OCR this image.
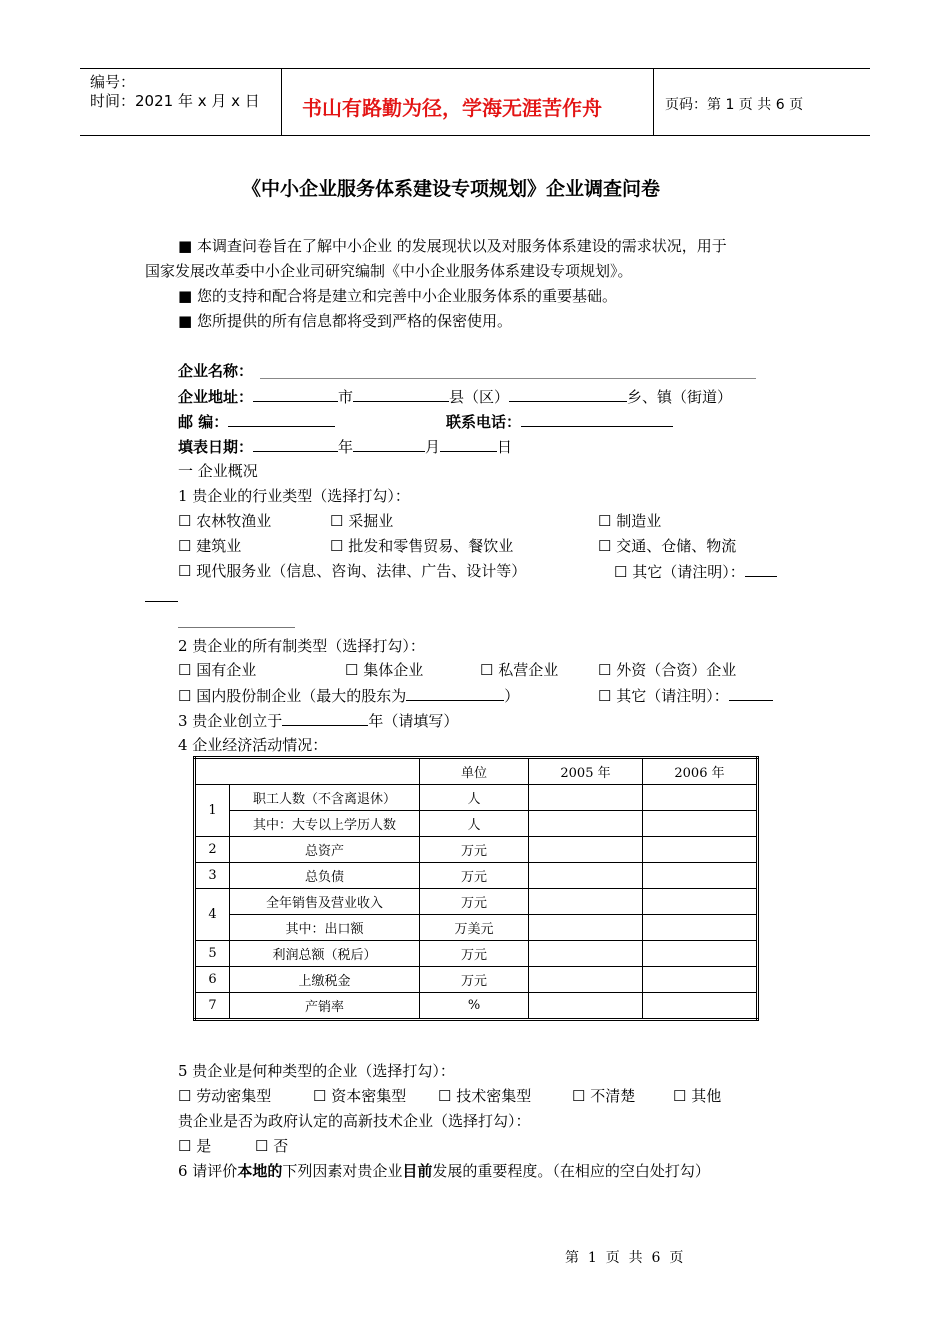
编号：
时间：2021 年 x 月 x 日 书山有路勤为径，学海无涯苦作舟	页码：第 1 页 共 6 页
《中小企业服务体系建设专项规划》企业调查问卷
■ 本调查问卷旨在了解中小企业 的发展现状以及对服务体系建设的需求状况，用于
国家发展改革委中小企业司研究编制《中小企业服务体系建设专项规划》。
■ 您的支持和配合将是建立和完善中小企业服务体系的重要基础。
■ 您所提供的所有信息都将受到严格的保密使用。
企业名称：
企业地址：	市	县（区）	乡、镇（街道）
邮 编：	联系电话：
填表日期：	年	月	日
一 企业概况
1 贵企业的行业类型（选择打勾）：
☐ 农林牧渔业	☐ 采掘业	☐ 制造业
☐ 建筑业	☐ 批发和零售贸易、餐饮业	☐ 交通、仓储、物流
☐ 现代服务业（信息、咨询、法律、广告、设计等）	☐ 其它（请注明）：
2 贵企业的所有制类型（选择打勾）：
☐ 国有企业	☐ 集体企业	☐ 私营企业	☐ 外资（合资）企业
☐ 国内股份制企业（最大的股东为	）	☐ 其它（请注明）：
3 贵企业创立于	年（请填写）
4 企业经济活动情况：
		单位	2005 年	2006 年
1	职工人数（不含离退休）	人		
	其中：大专以上学历人数	人		
2	总资产	万元		
3	总负债	万元		
4	全年销售及营业收入	万元		
	其中：出口额	万美元		
5	利润总额（税后）	万元		
6	上缴税金	万元		
7	产销率	%		
5 贵企业是何种类型的企业（选择打勾）：
☐ 劳动密集型	☐ 资本密集型 ☐ 技术密集型	☐ 不清楚	☐ 其他
贵企业是否为政府认定的高新技术企业（选择打勾）：
☐ 是	☐ 否
6 请评价本地的下列因素对贵企业目前发展的重要程度。（在相应的空白处打勾）
第  1  页  共  6  页
